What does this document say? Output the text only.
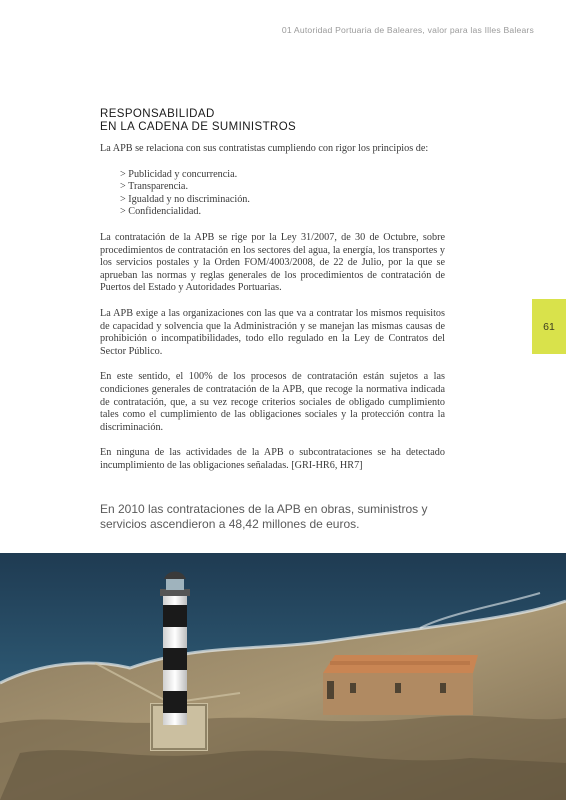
01 Autoridad Portuaria de Baleares, valor para las Illes Balears
RESPONSABILIDAD
EN LA CADENA DE SUMINISTROS

La APB se relaciona con sus contratistas cumpliendo con rigor los principios de:

> Publicidad y concurrencia.
> Transparencia.
> Igualdad y no discriminación.
> Confidencialidad.

La contratación de la APB se rige por la Ley 31/2007, de 30 de Octubre, sobre procedimientos de contratación en los sectores del agua, la energía, los transportes y los servicios postales y la Orden FOM/4003/2008, de 22 de Julio, por la que se aprueban las normas y reglas generales de los procedimientos de contratación de Puertos del Estado y Autoridades Portuarias.

La APB exige a las organizaciones con las que va a contratar los mismos requisitos de capacidad y solvencia que la Administración y se manejan las mismas causas de prohibición o incompatibilidades, todo ello regulado en la Ley de Contratos del Sector Público.

En este sentido, el 100% de los procesos de contratación están sujetos a las condiciones generales de contratación de la APB, que recoge la normativa indicada de contratación, que, a su vez recoge criterios sociales de obligado cumplimiento tales como el cumplimiento de las obligaciones sociales y la protección contra la discriminación.

En ninguna de las actividades de la APB o subcontrataciones se ha detectado incumplimiento de las obligaciones señaladas. [GRI-HR6, HR7]

En 2010 las contrataciones de la APB en obras, suministros y servicios ascendieron a 48,42 millones de euros.
61
